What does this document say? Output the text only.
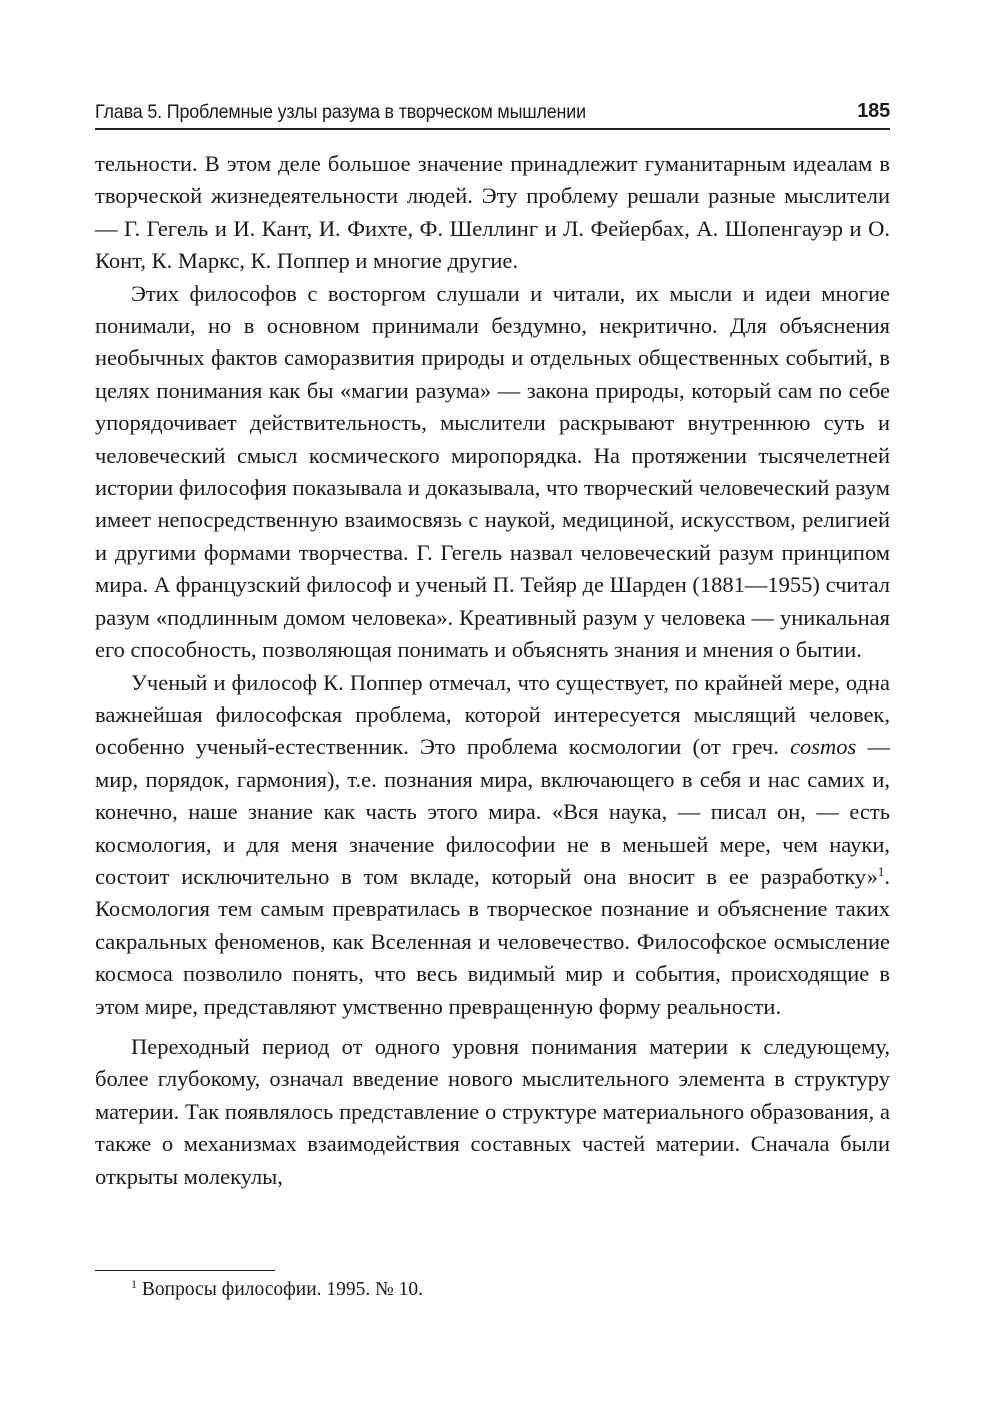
Глава 5. Проблемные узлы разума в творческом мышлении	185

тельности. В этом деле большое значение принадлежит гуманитарным идеалам в творческой жизнедеятельности людей. Эту проблему решали разные мыслители — Г. Гегель и И. Кант, И. Фихте, Ф. Шеллинг и Л. Фейербах, А. Шопенгауэр и О. Конт, К. Маркс, К. Поппер и многие другие.

Этих философов с восторгом слушали и читали, их мысли и идеи многие понимали, но в основном принимали бездумно, некритично. Для объяснения необычных фактов саморазвития природы и отдельных общественных событий, в целях понимания как бы «магии разума» — закона природы, который сам по себе упорядочивает действительность, мыслители раскрывают внутреннюю суть и человеческий смысл космического миропорядка. На протяжении тысячелетней истории философия показывала и доказывала, что творческий человеческий разум имеет непосредственную взаимосвязь с наукой, медициной, искусством, религией и другими формами творчества. Г. Гегель назвал человеческий разум принципом мира. А французский философ и ученый П. Тейяр де Шарден (1881—1955) считал разум «подлинным домом человека». Креативный разум у человека — уникальная его способность, позволяющая понимать и объяснять знания и мнения о бытии.

Ученый и философ К. Поппер отмечал, что существует, по крайней мере, одна важнейшая философская проблема, которой интересуется мыслящий человек, особенно ученый-естественник. Это проблема космологии (от греч. cosmos — мир, порядок, гармония), т.е. познания мира, включающего в себя и нас самих и, конечно, наше знание как часть этого мира. «Вся наука, — писал он, — есть космология, и для меня значение философии не в меньшей мере, чем науки, состоит исключительно в том вкладе, который она вносит в ее разработку»$^1$. Космология тем самым превратилась в творческое познание и объяснение таких сакральных феноменов, как Вселенная и человечество. Философское осмысление космоса позволило понять, что весь видимый мир и события, происходящие в этом мире, представляют умственно превращенную форму реальности.

Переходный период от одного уровня понимания материи к следующему, более глубокому, означал введение нового мыслительного элемента в структуру материи. Так появлялось представление о структуре материального образования, а также о механизмах взаимодействия составных частей материи. Сначала были открыты молекулы,

$^1$ Вопросы философии. 1995. № 10.
